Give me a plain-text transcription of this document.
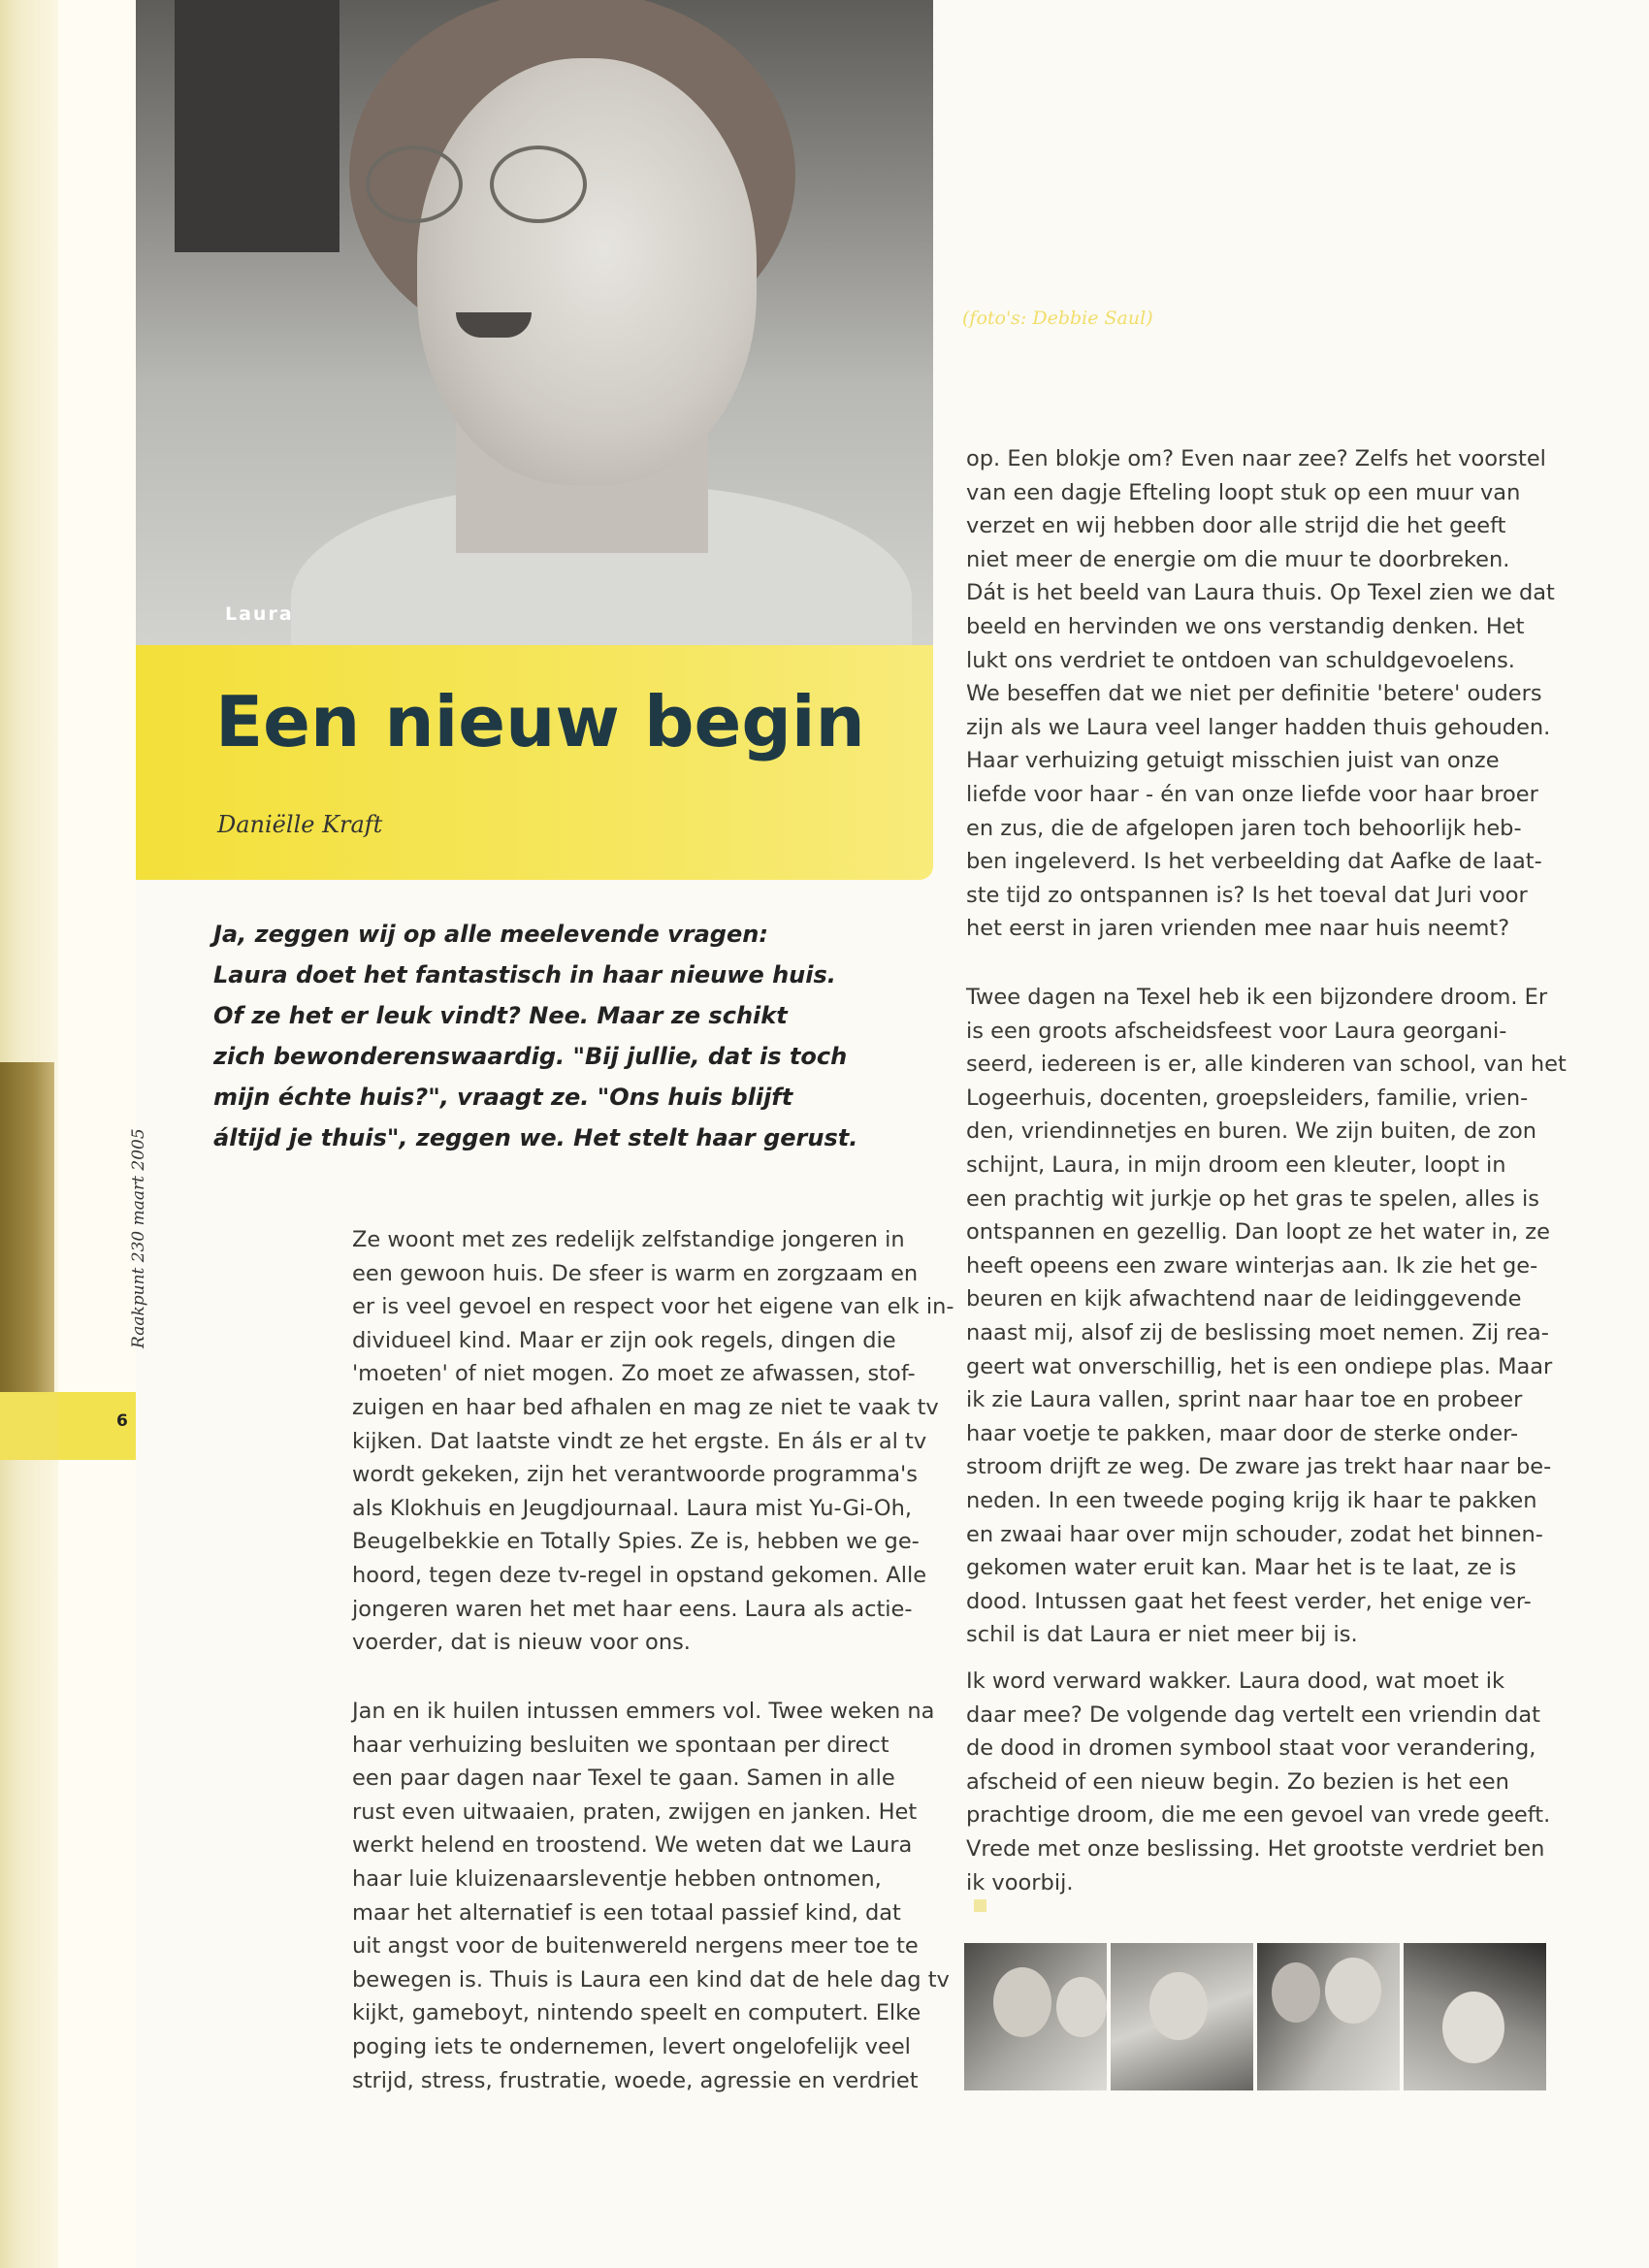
Raakpunt 230 maart 2005
6
Laura
Een nieuw begin
Daniëlle Kraft
(foto's: Debbie Saul)

Ja, zeggen wij op alle meelevende vragen:
Laura doet het fantastisch in haar nieuwe huis.
Of ze het er leuk vindt? Nee. Maar ze schikt
zich bewonderenswaardig. "Bij jullie, dat is toch
mijn échte huis?", vraagt ze. "Ons huis blijft
áltijd je thuis", zeggen we. Het stelt haar gerust.

Ze woont met zes redelijk zelfstandige jongeren in
een gewoon huis. De sfeer is warm en zorgzaam en
er is veel gevoel en respect voor het eigene van elk in-
dividueel kind. Maar er zijn ook regels, dingen die
'moeten' of niet mogen. Zo moet ze afwassen, stof-
zuigen en haar bed afhalen en mag ze niet te vaak tv
kijken. Dat laatste vindt ze het ergste. En áls er al tv
wordt gekeken, zijn het verantwoorde programma's
als Klokhuis en Jeugdjournaal. Laura mist Yu-Gi-Oh,
Beugelbekkie en Totally Spies. Ze is, hebben we ge-
hoord, tegen deze tv-regel in opstand gekomen. Alle
jongeren waren het met haar eens. Laura als actie-
voerder, dat is nieuw voor ons.

Jan en ik huilen intussen emmers vol. Twee weken na
haar verhuizing besluiten we spontaan per direct
een paar dagen naar Texel te gaan. Samen in alle
rust even uitwaaien, praten, zwijgen en janken. Het
werkt helend en troostend. We weten dat we Laura
haar luie kluizenaarsleventje hebben ontnomen,
maar het alternatief is een totaal passief kind, dat
uit angst voor de buitenwereld nergens meer toe te
bewegen is. Thuis is Laura een kind dat de hele dag tv
kijkt, gameboyt, nintendo speelt en computert. Elke
poging iets te ondernemen, levert ongelofelijk veel
strijd, stress, frustratie, woede, agressie en verdriet

op. Een blokje om? Even naar zee? Zelfs het voorstel
van een dagje Efteling loopt stuk op een muur van
verzet en wij hebben door alle strijd die het geeft
niet meer de energie om die muur te doorbreken.
Dát is het beeld van Laura thuis. Op Texel zien we dat
beeld en hervinden we ons verstandig denken. Het
lukt ons verdriet te ontdoen van schuldgevoelens.
We beseffen dat we niet per definitie 'betere' ouders
zijn als we Laura veel langer hadden thuis gehouden.
Haar verhuizing getuigt misschien juist van onze
liefde voor haar - én van onze liefde voor haar broer
en zus, die de afgelopen jaren toch behoorlijk heb-
ben ingeleverd. Is het verbeelding dat Aafke de laat-
ste tijd zo ontspannen is? Is het toeval dat Juri voor
het eerst in jaren vrienden mee naar huis neemt?

Twee dagen na Texel heb ik een bijzondere droom. Er
is een groots afscheidsfeest voor Laura georgani-
seerd, iedereen is er, alle kinderen van school, van het
Logeerhuis, docenten, groepsleiders, familie, vrien-
den, vriendinnetjes en buren. We zijn buiten, de zon
schijnt, Laura, in mijn droom een kleuter, loopt in
een prachtig wit jurkje op het gras te spelen, alles is
ontspannen en gezellig. Dan loopt ze het water in, ze
heeft opeens een zware winterjas aan. Ik zie het ge-
beuren en kijk afwachtend naar de leidinggevende
naast mij, alsof zij de beslissing moet nemen. Zij rea-
geert wat onverschillig, het is een ondiepe plas. Maar
ik zie Laura vallen, sprint naar haar toe en probeer
haar voetje te pakken, maar door de sterke onder-
stroom drijft ze weg. De zware jas trekt haar naar be-
neden. In een tweede poging krijg ik haar te pakken
en zwaai haar over mijn schouder, zodat het binnen-
gekomen water eruit kan. Maar het is te laat, ze is
dood. Intussen gaat het feest verder, het enige ver-
schil is dat Laura er niet meer bij is.

Ik word verward wakker. Laura dood, wat moet ik
daar mee? De volgende dag vertelt een vriendin dat
de dood in dromen symbool staat voor verandering,
afscheid of een nieuw begin. Zo bezien is het een
prachtige droom, die me een gevoel van vrede geeft.
Vrede met onze beslissing. Het grootste verdriet ben
ik voorbij.
